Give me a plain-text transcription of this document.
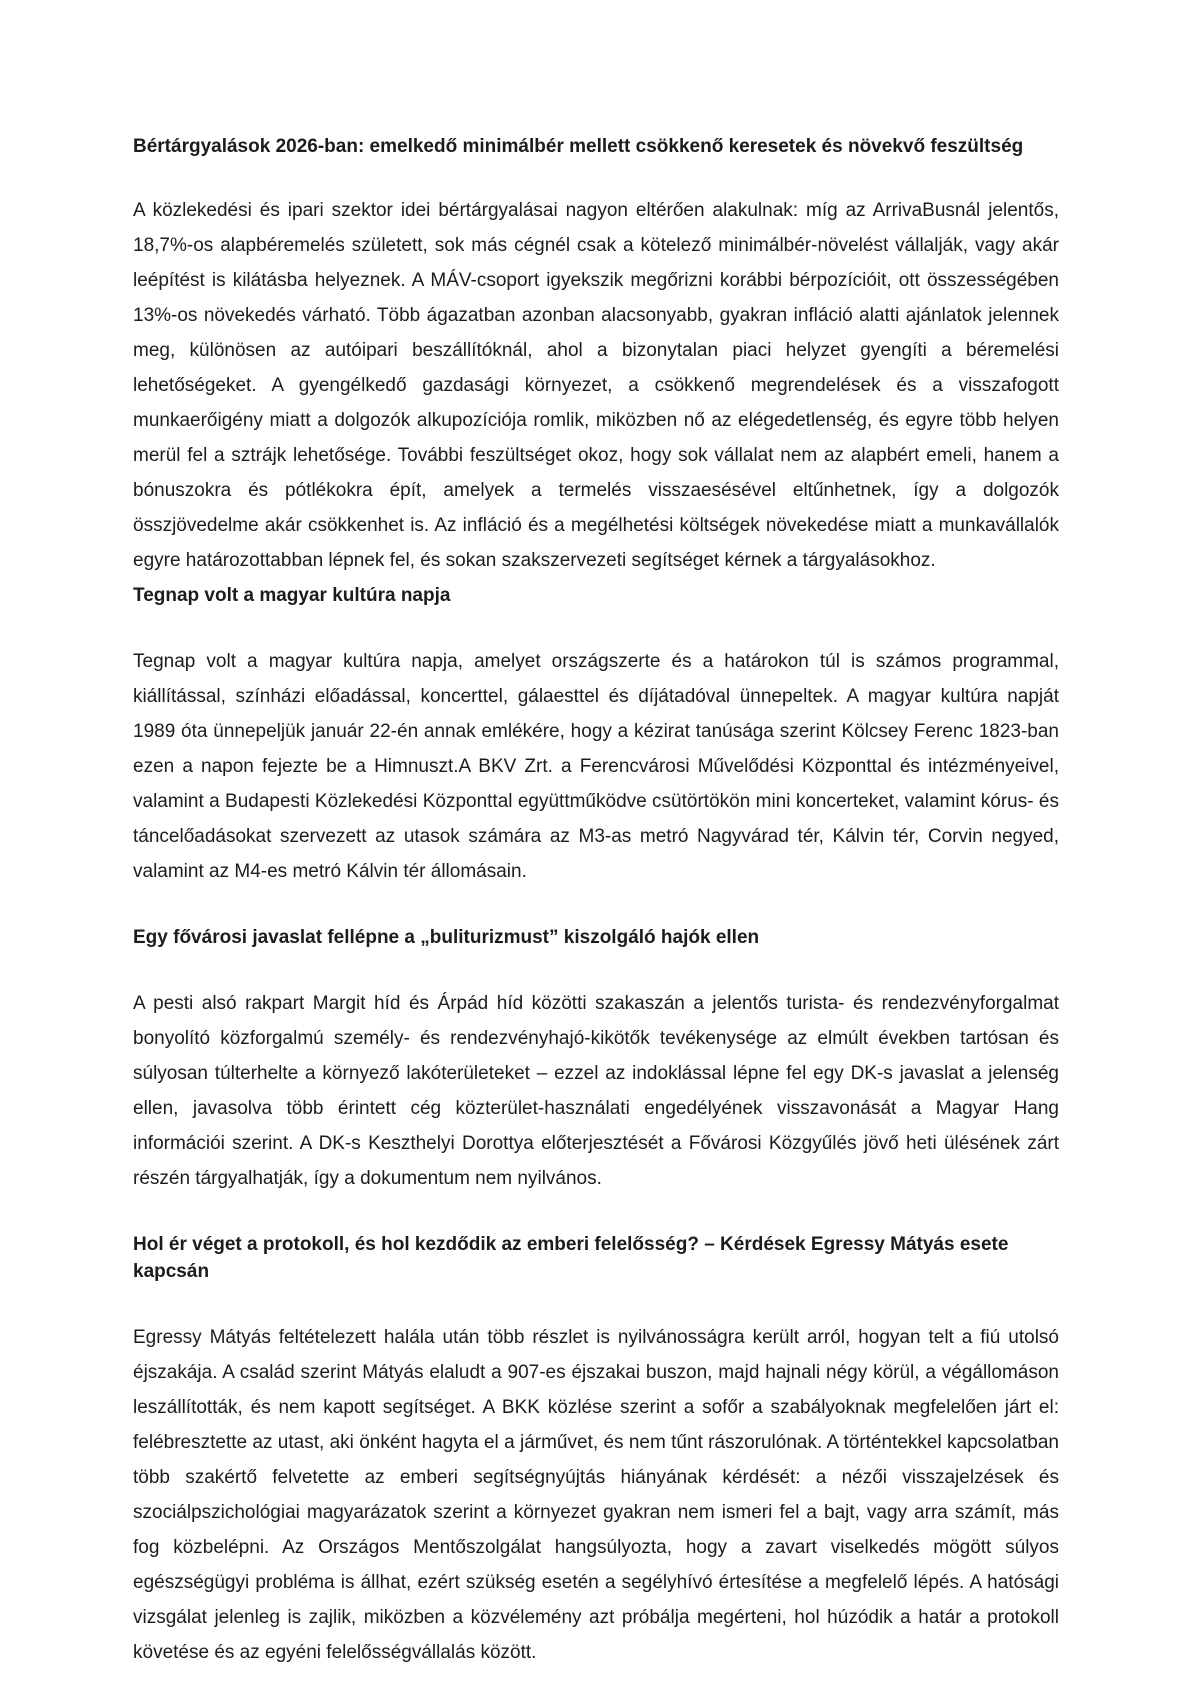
Bértárgyalások 2026-ban: emelkedő minimálbér mellett csökkenő keresetek és növekvő feszültség

A közlekedési és ipari szektor idei bértárgyalásai nagyon eltérően alakulnak: míg az ArrivaBusnál jelentős, 18,7%-os alapbéremelés született, sok más cégnél csak a kötelező minimálbér-növelést vállalják, vagy akár leépítést is kilátásba helyeznek. A MÁV-csoport igyekszik megőrizni korábbi bérpozícióit, ott összességében 13%-os növekedés várható. Több ágazatban azonban alacsonyabb, gyakran infláció alatti ajánlatok jelennek meg, különösen az autóipari beszállítóknál, ahol a bizonytalan piaci helyzet gyengíti a béremelési lehetőségeket. A gyengélkedő gazdasági környezet, a csökkenő megrendelések és a visszafogott munkaerőigény miatt a dolgozók alkupozíciója romlik, miközben nő az elégedetlenség, és egyre több helyen merül fel a sztrájk lehetősége. További feszültséget okoz, hogy sok vállalat nem az alapbért emeli, hanem a bónuszokra és pótlékokra épít, amelyek a termelés visszaesésével eltűnhetnek, így a dolgozók összjövedelme akár csökkenhet is. Az infláció és a megélhetési költségek növekedése miatt a munkavállalók egyre határozottabban lépnek fel, és sokan szakszervezeti segítséget kérnek a tárgyalásokhoz.

Tegnap volt a magyar kultúra napja

Tegnap volt a magyar kultúra napja, amelyet országszerte és a határokon túl is számos programmal, kiállítással, színházi előadással, koncerttel, gálaesttel és díjátadóval ünnepeltek. A magyar kultúra napját 1989 óta ünnepeljük január 22-én annak emlékére, hogy a kézirat tanúsága szerint Kölcsey Ferenc 1823-ban ezen a napon fejezte be a Himnuszt.A BKV Zrt. a Ferencvárosi Művelődési Központtal és intézményeivel, valamint a Budapesti Közlekedési Központtal együttműködve csütörtökön mini koncerteket, valamint kórus- és táncelőadásokat szervezett az utasok számára az M3-as metró Nagyvárad tér, Kálvin tér, Corvin negyed, valamint az M4-es metró Kálvin tér állomásain.

Egy fővárosi javaslat fellépne a „buliturizmust” kiszolgáló hajók ellen

A pesti alsó rakpart Margit híd és Árpád híd közötti szakaszán a jelentős turista- és rendezvényforgalmat bonyolító közforgalmú személy- és rendezvényhajó-kikötők tevékenysége az elmúlt években tartósan és súlyosan túlterhelte a környező lakóterületeket – ezzel az indoklással lépne fel egy DK-s javaslat a jelenség ellen, javasolva több érintett cég közterület-használati engedélyének visszavonását a Magyar Hang információi szerint. A DK-s Keszthelyi Dorottya előterjesztését a Fővárosi Közgyűlés jövő heti ülésének zárt részén tárgyalhatják, így a dokumentum nem nyilvános.

Hol ér véget a protokoll, és hol kezdődik az emberi felelősség? – Kérdések Egressy Mátyás esete kapcsán

Egressy Mátyás feltételezett halála után több részlet is nyilvánosságra került arról, hogyan telt a fiú utolsó éjszakája. A család szerint Mátyás elaludt a 907-es éjszakai buszon, majd hajnali négy körül, a végállomáson leszállították, és nem kapott segítséget. A BKK közlése szerint a sofőr a szabályoknak megfelelően járt el: felébresztette az utast, aki önként hagyta el a járművet, és nem tűnt rászorulónak. A történtekkel kapcsolatban több szakértő felvetette az emberi segítségnyújtás hiányának kérdését: a nézői visszajelzések és szociálpszichológiai magyarázatok szerint a környezet gyakran nem ismeri fel a bajt, vagy arra számít, más fog közbelépni. Az Országos Mentőszolgálat hangsúlyozta, hogy a zavart viselkedés mögött súlyos egészségügyi probléma is állhat, ezért szükség esetén a segélyhívó értesítése a megfelelő lépés. A hatósági vizsgálat jelenleg is zajlik, miközben a közvélemény azt próbálja megérteni, hol húzódik a határ a protokoll követése és az egyéni felelősségvállalás között.
